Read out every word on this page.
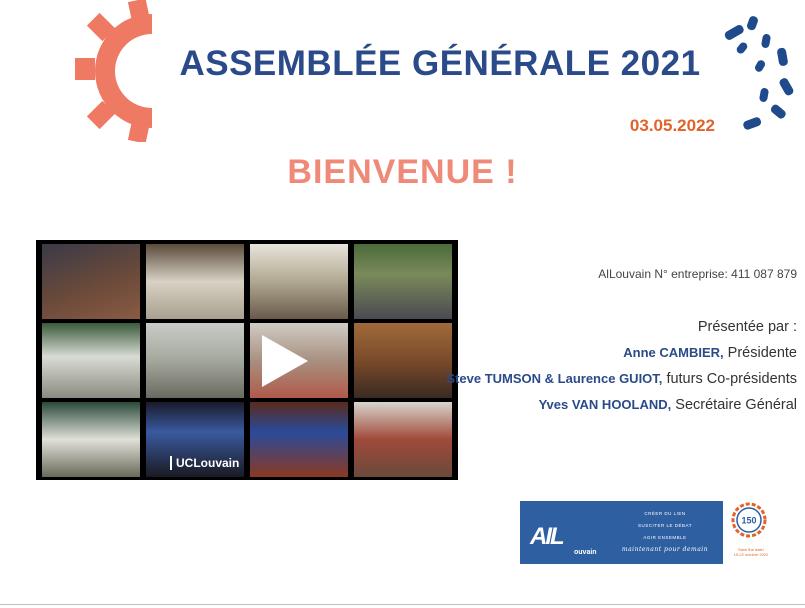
ASSEMBLÉE GÉNÉRALE 2021
03.05.2022
BIENVENUE !
UCLouvain
AlLouvain N° entreprise: 411 087 879
Présentée par :
Anne CAMBIER, Présidente
Steve TUMSON & Laurence GUIOT, futurs Co-présidents
Yves VAN HOOLAND, Secrétaire Général
AIL
ouvain
CRÉER DU LIEN
SUSCITER LE DÉBAT
AGIR ENSEMBLE
maintenant pour demain
150
Save the date!
19-22 octobre 2022
